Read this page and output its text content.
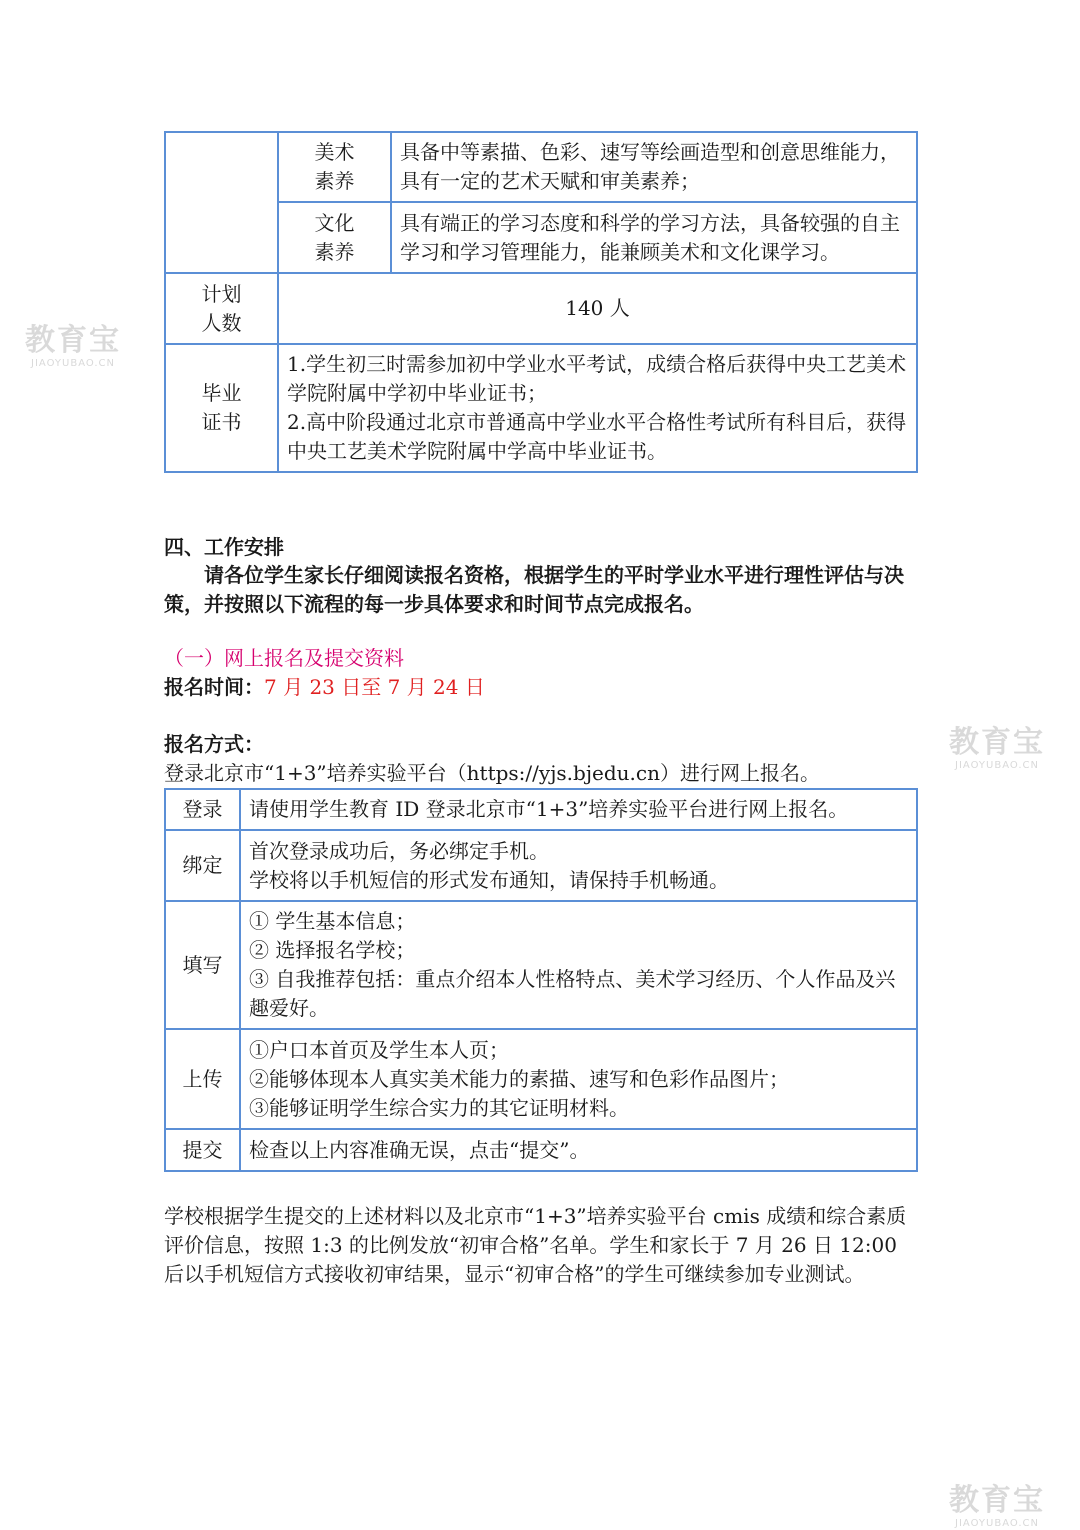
教育宝
JIAOYUBAO.CN
教育宝
JIAOYUBAO.CN
教育宝
JIAOYUBAO.CN
	美术
素养	具备中等素描、色彩、速写等绘画造型和创意思维能力，具有一定的艺术天赋和审美素养；
	文化
素养	具有端正的学习态度和科学的学习方法，具备较强的自主学习和学习管理能力，能兼顾美术和文化课学习。
计划
人数	140 人	
毕业
证书	1.学生初三时需参加初中学业水平考试，成绩合格后获得中央工艺美术学院附属中学初中毕业证书；
2.高中阶段通过北京市普通高中学业水平合格性考试所有科目后，获得中央工艺美术学院附属中学高中毕业证书。	
四、工作安排
请各位学生家长仔细阅读报名资格，根据学生的平时学业水平进行理性评估与决策，并按照以下流程的每一步具体要求和时间节点完成报名。
（一）网上报名及提交资料
报名时间：7 月 23 日至 7 月 24 日
报名方式：
登录北京市“1+3”培养实验平台（https://yjs.bjedu.cn）进行网上报名。
登录	请使用学生教育 ID 登录北京市“1+3”培养实验平台进行网上报名。
绑定	首次登录成功后，务必绑定手机。
学校将以手机短信的形式发布通知，请保持手机畅通。
填写	① 学生基本信息；
② 选择报名学校；
③ 自我推荐包括：重点介绍本人性格特点、美术学习经历、个人作品及兴趣爱好。
上传	①户口本首页及学生本人页；
②能够体现本人真实美术能力的素描、速写和色彩作品图片；
③能够证明学生综合实力的其它证明材料。
提交	检查以上内容准确无误，点击“提交”。
学校根据学生提交的上述材料以及北京市“1+3”培养实验平台 cmis 成绩和综合素质评价信息，按照 1:3 的比例发放“初审合格”名单。学生和家长于 7 月 26 日 12:00 后以手机短信方式接收初审结果，显示“初审合格”的学生可继续参加专业测试。
